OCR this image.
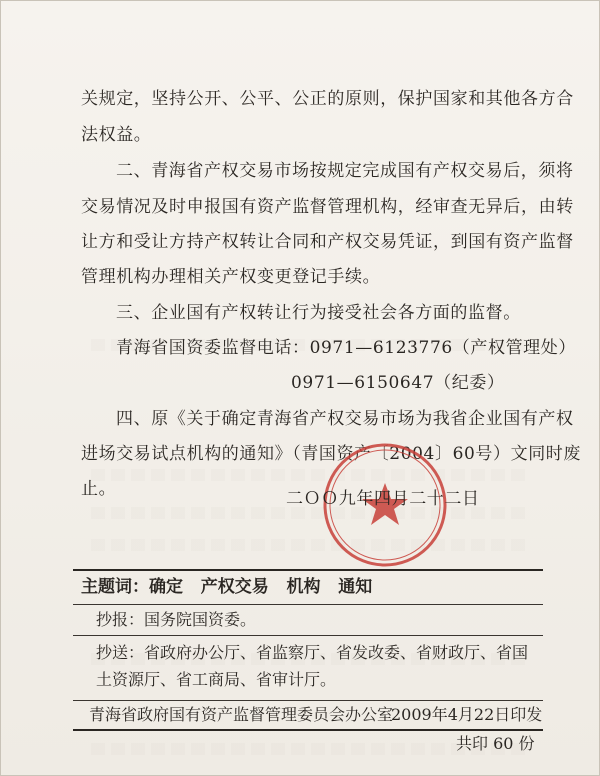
关规定，坚持公开、公平、公正的原则，保护国家和其他各方合
法权益。
二、青海省产权交易市场按规定完成国有产权交易后，须将
交易情况及时申报国有资产监督管理机构，经审查无异后，由转
让方和受让方持产权转让合同和产权交易凭证，到国有资产监督
管理机构办理相关产权变更登记手续。
三、企业国有产权转让行为接受社会各方面的监督。
青海省国资委监督电话：0971—6123776（产权管理处）
0971—6150647（纪委）
四、原《关于确定青海省产权交易市场为我省企业国有产权
进场交易试点机构的通知》（青国资产〔2004〕60号）文同时废
止。	二ＯＯ九年四月二十二日
主题词：确定   产权交易   机构   通知
抄报：国务院国资委。
抄送：省政府办公厅、省监察厅、省发改委、省财政厅、省国
土资源厅、省工商局、省审计厅。
青海省政府国有资产监督管理委员会办公室
2009年4月22日印发
共印 60 份
